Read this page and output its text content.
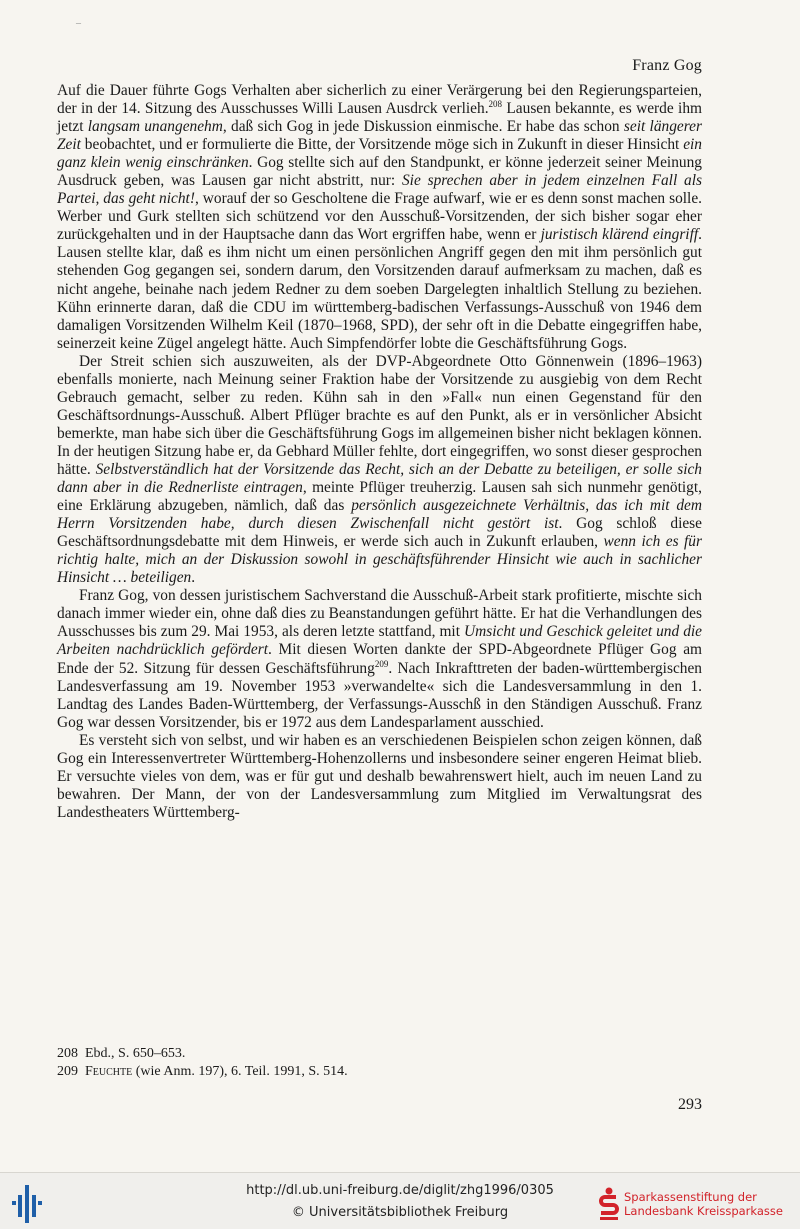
–
Franz Gog

Auf die Dauer führte Gogs Verhalten aber sicherlich zu einer Verärgerung bei den Regierungsparteien, der in der 14. Sitzung des Ausschusses Willi Lausen Ausdrck verlieh.$^{208}$ Lausen bekannte, es werde ihm jetzt langsam unangenehm, daß sich Gog in jede Diskussion einmische. Er habe das schon seit längerer Zeit beobachtet, und er formulierte die Bitte, der Vorsitzende möge sich in Zukunft in dieser Hinsicht ein ganz klein wenig einschränken. Gog stellte sich auf den Standpunkt, er könne jederzeit seiner Meinung Ausdruck geben, was Lausen gar nicht abstritt, nur: Sie sprechen aber in jedem einzelnen Fall als Partei, das geht nicht!, worauf der so Gescholtene die Frage aufwarf, wie er es denn sonst machen solle. Werber und Gurk stellten sich schützend vor den Ausschuß-Vorsitzenden, der sich bisher sogar eher zurückgehalten und in der Hauptsache dann das Wort ergriffen habe, wenn er juristisch klärend eingriff. Lausen stellte klar, daß es ihm nicht um einen persönlichen Angriff gegen den mit ihm persönlich gut stehenden Gog gegangen sei, sondern darum, den Vorsitzenden darauf aufmerksam zu machen, daß es nicht angehe, beinahe nach jedem Redner zu dem soeben Dargelegten inhaltlich Stellung zu beziehen. Kühn erinnerte daran, daß die CDU im württemberg-badischen Verfassungs-Ausschuß von 1946 dem damaligen Vorsitzenden Wilhelm Keil (1870–1968, SPD), der sehr oft in die Debatte eingegriffen habe, seinerzeit keine Zügel angelegt hätte. Auch Simpfendörfer lobte die Geschäftsführung Gogs.

Der Streit schien sich auszuweiten, als der DVP-Abgeordnete Otto Gönnenwein (1896–1963) ebenfalls monierte, nach Meinung seiner Fraktion habe der Vorsitzende zu ausgiebig von dem Recht Gebrauch gemacht, selber zu reden. Kühn sah in den »Fall« nun einen Gegenstand für den Geschäftsordnungs-Ausschuß. Albert Pflüger brachte es auf den Punkt, als er in versönlicher Absicht bemerkte, man habe sich über die Geschäftsführung Gogs im allgemeinen bisher nicht beklagen können. In der heutigen Sitzung habe er, da Gebhard Müller fehlte, dort eingegriffen, wo sonst dieser gesprochen hätte. Selbstverständlich hat der Vorsitzende das Recht, sich an der Debatte zu beteiligen, er solle sich dann aber in die Rednerliste eintragen, meinte Pflüger treuherzig. Lausen sah sich nunmehr genötigt, eine Erklärung abzugeben, nämlich, daß das persönlich ausgezeichnete Verhältnis, das ich mit dem Herrn Vorsitzenden habe, durch diesen Zwischenfall nicht gestört ist. Gog schloß diese Geschäftsordnungsdebatte mit dem Hinweis, er werde sich auch in Zukunft erlauben, wenn ich es für richtig halte, mich an der Diskussion sowohl in geschäftsführender Hinsicht wie auch in sachlicher Hinsicht … beteiligen.

Franz Gog, von dessen juristischem Sachverstand die Ausschuß-Arbeit stark profitierte, mischte sich danach immer wieder ein, ohne daß dies zu Beanstandungen geführt hätte. Er hat die Verhandlungen des Ausschusses bis zum 29. Mai 1953, als deren letzte stattfand, mit Umsicht und Geschick geleitet und die Arbeiten nachdrücklich gefördert. Mit diesen Worten dankte der SPD-Abgeordnete Pflüger Gog am Ende der 52. Sitzung für dessen Geschäftsführung$^{209}$. Nach Inkrafttreten der baden-württembergischen Landesverfassung am 19. November 1953 »verwandelte« sich die Landesversammlung in den 1. Landtag des Landes Baden-Württemberg, der Verfassungs-Ausschß in den Ständigen Ausschuß. Franz Gog war dessen Vorsitzender, bis er 1972 aus dem Landesparlament ausschied.

Es versteht sich von selbst, und wir haben es an verschiedenen Beispielen schon zeigen können, daß Gog ein Interessenvertreter Württemberg-Hohenzollerns und insbesondere seiner engeren Heimat blieb. Er versuchte vieles von dem, was er für gut und deshalb bewahrenswert hielt, auch im neuen Land zu bewahren. Der Mann, der von der Landesversammlung zum Mitglied im Verwaltungsrat des Landestheaters Württemberg-

208 Ebd., S. 650–653.
209 Feuchte (wie Anm. 197), 6. Teil. 1991, S. 514.
293
http://dl.ub.uni-freiburg.de/diglit/zhg1996/0305
© Universitätsbibliothek Freiburg
Sparkassenstiftung der
Landesbank Kreissparkasse
